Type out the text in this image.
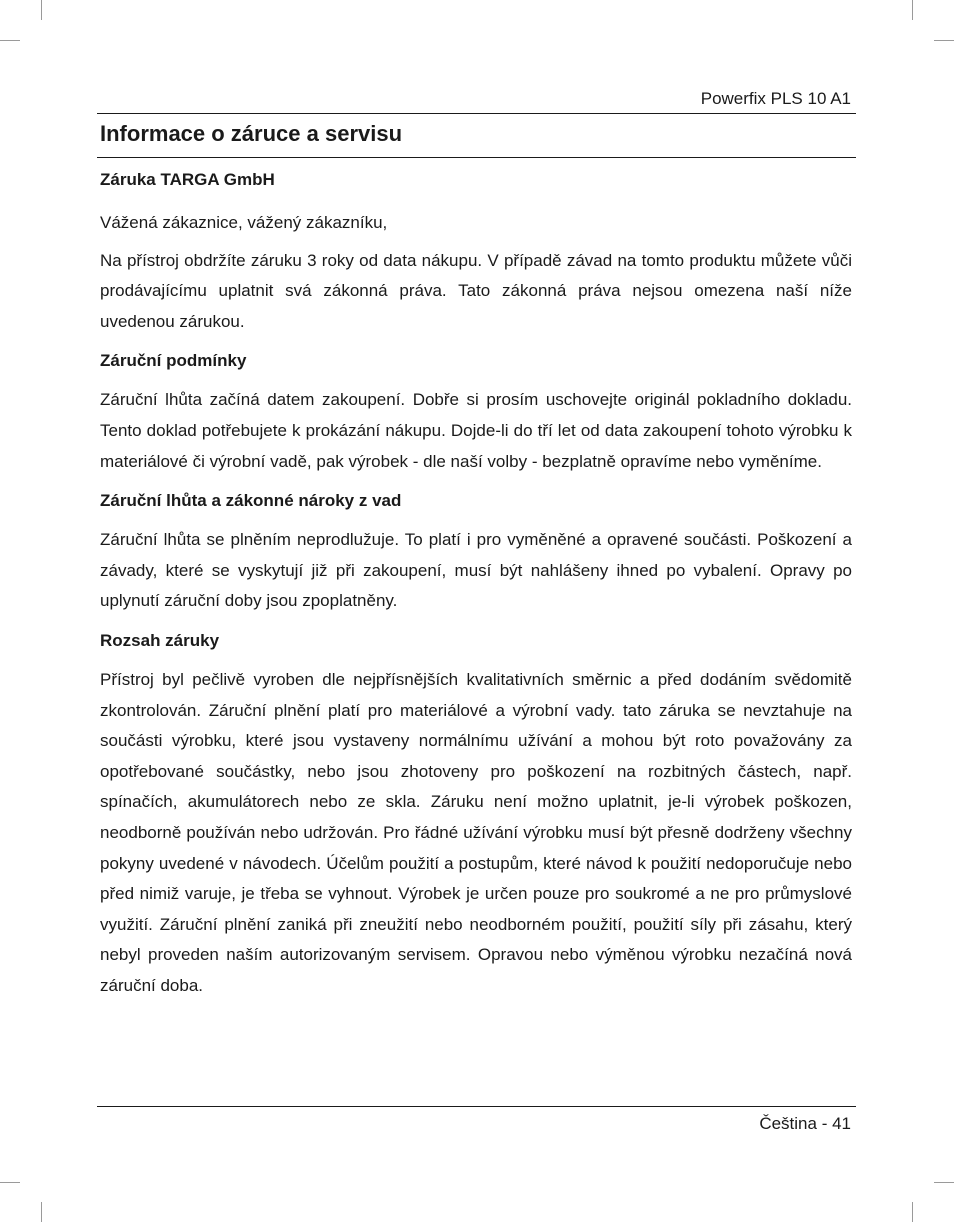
Powerfix PLS 10 A1
Informace o záruce a servisu
Záruka TARGA GmbH

Vážená zákaznice, vážený zákazníku,

Na přístroj obdržíte záruku 3 roky od data nákupu. V případě závad na tomto produktu můžete vůči prodávajícímu uplatnit svá zákonná práva. Tato zákonná práva nejsou omezena naší níže uvedenou zárukou.

Záruční podmínky

Záruční lhůta začíná datem zakoupení. Dobře si prosím uschovejte originál pokladního dokladu. Tento doklad potřebujete k prokázání nákupu. Dojde-li do tří let od data zakoupení tohoto výrobku k materiálové či výrobní vadě, pak výrobek - dle naší volby - bezplatně opravíme nebo vyměníme.

Záruční lhůta a zákonné nároky z vad

Záruční lhůta se plněním neprodlužuje. To platí i pro vyměněné a opravené součásti. Poškození a závady, které se vyskytují již při zakoupení, musí být nahlášeny ihned po vybalení. Opravy po uplynutí záruční doby jsou zpoplatněny.

Rozsah záruky

Přístroj byl pečlivě vyroben dle nejpřísnějších kvalitativních směrnic a před dodáním svědomitě zkontrolován. Záruční plnění platí pro materiálové a výrobní vady. tato záruka se nevztahuje na součásti výrobku, které jsou vystaveny normálnímu užívání a mohou být roto považovány za opotřebované součástky, nebo jsou zhotoveny pro poškození na rozbitných částech, např. spínačích, akumulátorech nebo ze skla. Záruku není možno uplatnit, je-li výrobek poškozen, neodborně používán nebo udržován. Pro řádné užívání výrobku musí být přesně dodrženy všechny pokyny uvedené v návodech. Účelům použití a postupům, které návod k použití nedoporučuje nebo před nimiž varuje, je třeba se vyhnout. Výrobek je určen pouze pro soukromé a ne pro průmyslové využití. Záruční plnění zaniká při zneužití nebo neodborném použití, použití síly při zásahu, který nebyl proveden naším autorizovaným servisem. Opravou nebo výměnou výrobku nezačíná nová záruční doba.

Čeština - 41
